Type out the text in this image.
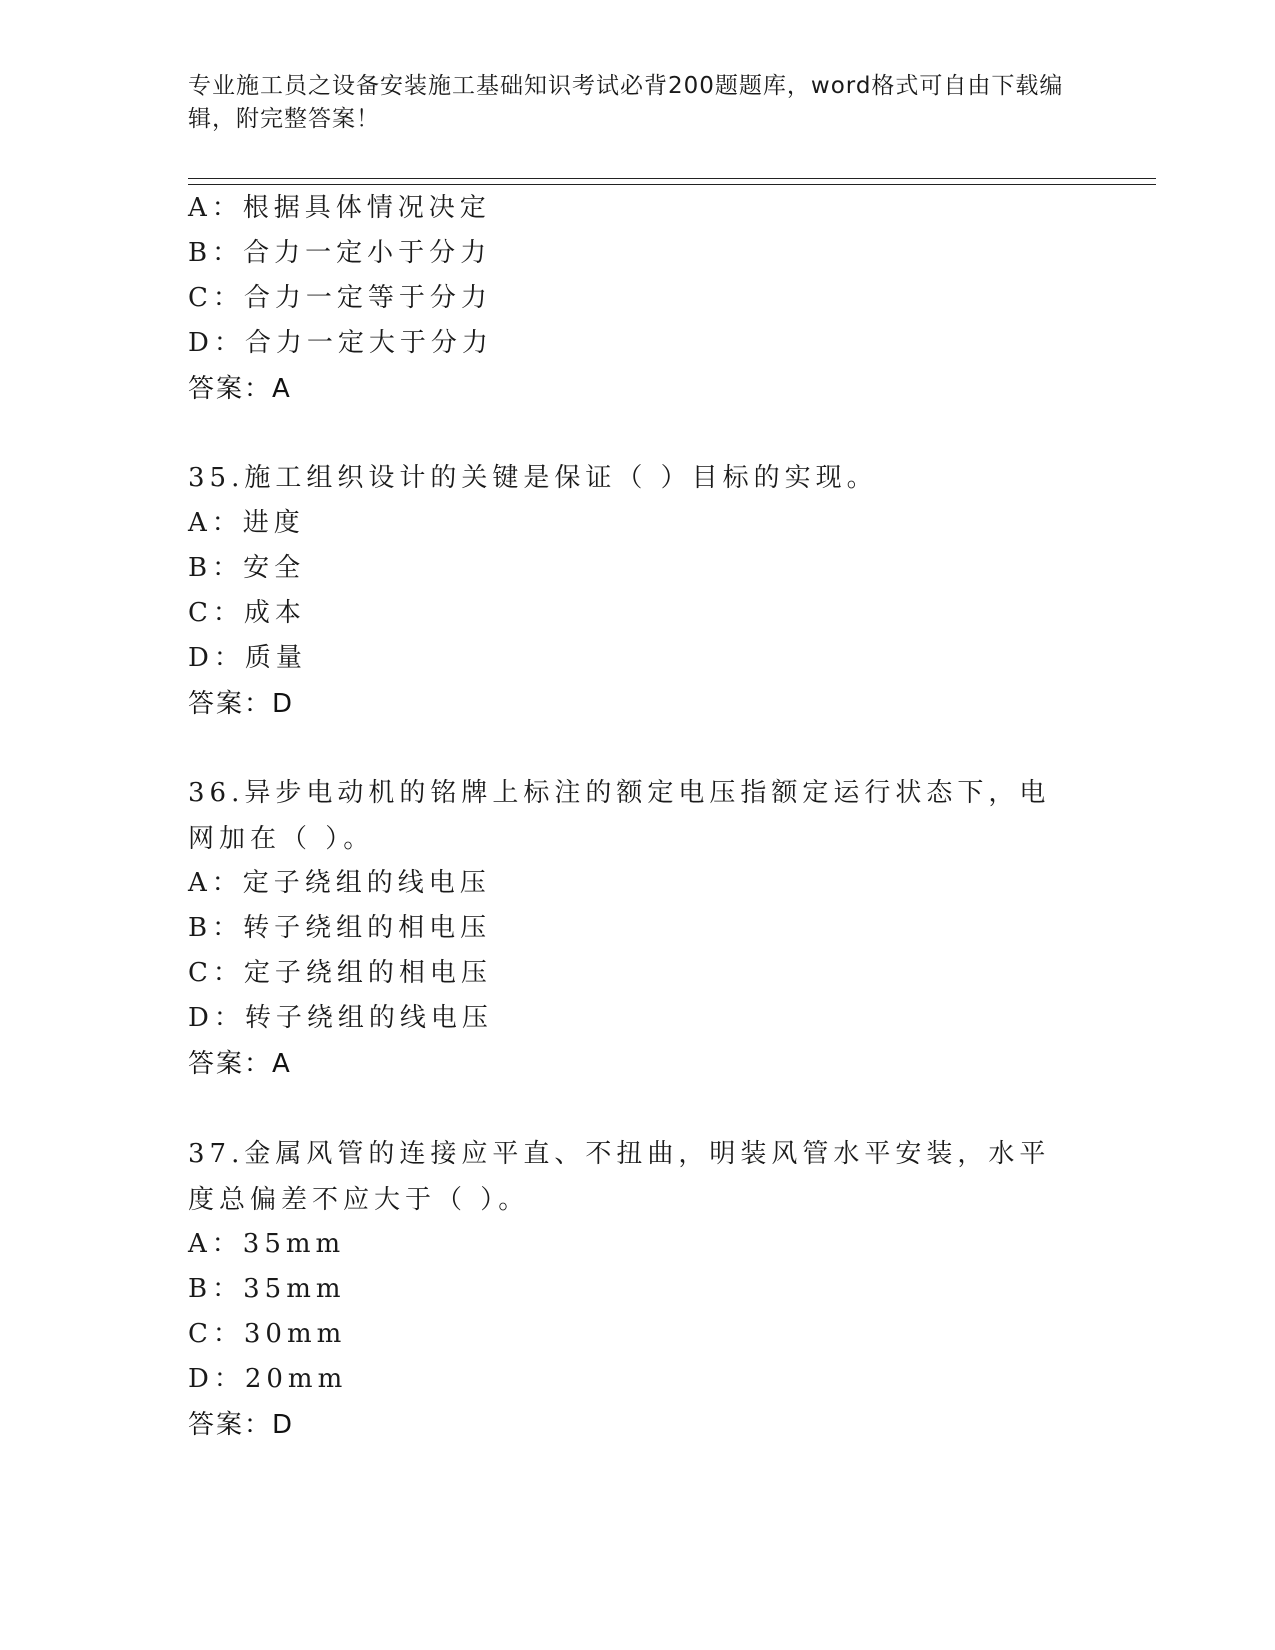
专业施工员之设备安装施工基础知识考试必背200题题库，word格式可自由下载编辑，附完整答案！
A：根据具体情况决定
B：合力一定小于分力
C：合力一定等于分力
D：合力一定大于分力
答案：A
35.施工组织设计的关键是保证（ ）目标的实现。
A：进度
B：安全
C：成本
D：质量
答案：D
36.异步电动机的铭牌上标注的额定电压指额定运行状态下，电网加在（ ）。
A：定子绕组的线电压
B：转子绕组的相电压
C：定子绕组的相电压
D：转子绕组的线电压
答案：A
37.金属风管的连接应平直、不扭曲，明装风管水平安装，水平度总偏差不应大于（ ）。
A：35mm
B：35mm
C：30mm
D：20mm
答案：D
